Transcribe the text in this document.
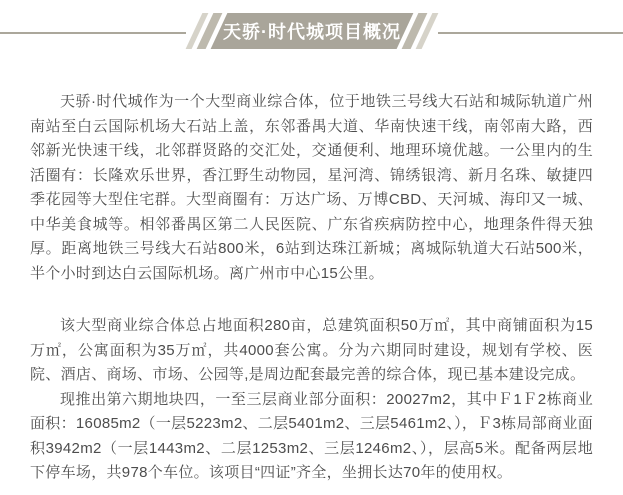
天骄·时代城项目概况

天骄·时代城作为一个大型商业综合体，位于地铁三号线大石站和城际轨道广州南站至白云国际机场大石站上盖，东邻番禺大道、华南快速干线，南邻南大路，西邻新光快速干线，北邻群贤路的交汇处，交通便利、地理环境优越。一公里内的生活圈有：长隆欢乐世界，香江野生动物园，星河湾、锦绣银湾、新月名珠、敏捷四季花园等大型住宅群。大型商圈有：万达广场、万博CBD、天河城、海印又一城、中华美食城等。相邻番禺区第二人民医院、广东省疾病防控中心，地理条件得天独厚。距离地铁三号线大石站800米，6站到达珠江新城；离城际轨道大石站500米，半个小时到达白云国际机场。离广州市中心15公里。

该大型商业综合体总占地面积280亩，总建筑面积50万㎡，其中商铺面积为15万㎡，公寓面积为35万㎡，共4000套公寓。分为六期同时建设，规划有学校、医院、酒店、商场、市场、公园等,是周边配套最完善的综合体，现已基本建设完成。

现推出第六期地块四，一至三层商业部分面积：20027m2，其中Ｆ1Ｆ2栋商业面积：16085m2（一层5223m2、二层5401m2、三层5461m2、），Ｆ3栋局部商业面积3942m2（一层1443m2、二层1253m2、三层1246m2、），层高5米。配备两层地下停车场，共978个车位。该项目“四证”齐全，坐拥长达70年的使用权。
